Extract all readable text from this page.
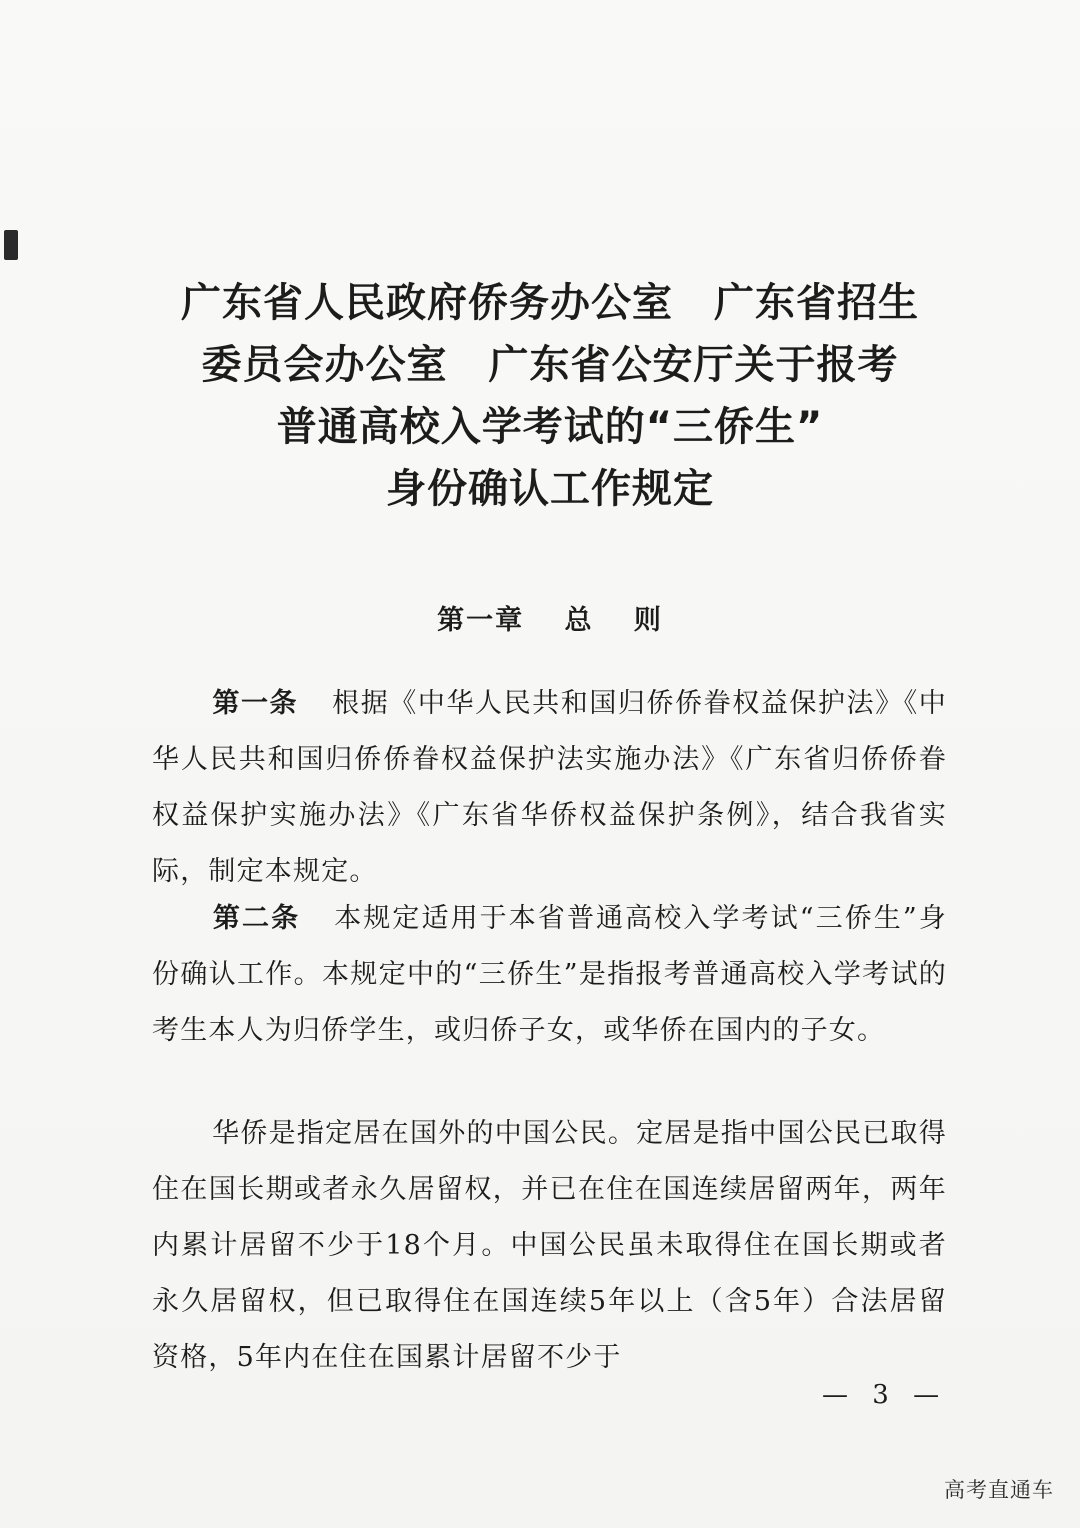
广东省人民政府侨务办公室　广东省招生
委员会办公室　广东省公安厅关于报考
普通高校入学考试的“三侨生”
身份确认工作规定
第一章　 总　 则
第一条 根据《中华人民共和国归侨侨眷权益保护法》《中华人民共和国归侨侨眷权益保护法实施办法》《广东省归侨侨眷权益保护实施办法》《广东省华侨权益保护条例》，结合我省实际，制定本规定。
第二条 本规定适用于本省普通高校入学考试“三侨生”身份确认工作。本规定中的“三侨生”是指报考普通高校入学考试的考生本人为归侨学生，或归侨子女，或华侨在国内的子女。
华侨是指定居在国外的中国公民。定居是指中国公民已取得住在国长期或者永久居留权，并已在住在国连续居留两年，两年内累计居留不少于18个月。中国公民虽未取得住在国长期或者永久居留权，但已取得住在国连续5年以上（含5年）合法居留资格，5年内在住在国累计居留不少于
— 3 —
高考直通车
